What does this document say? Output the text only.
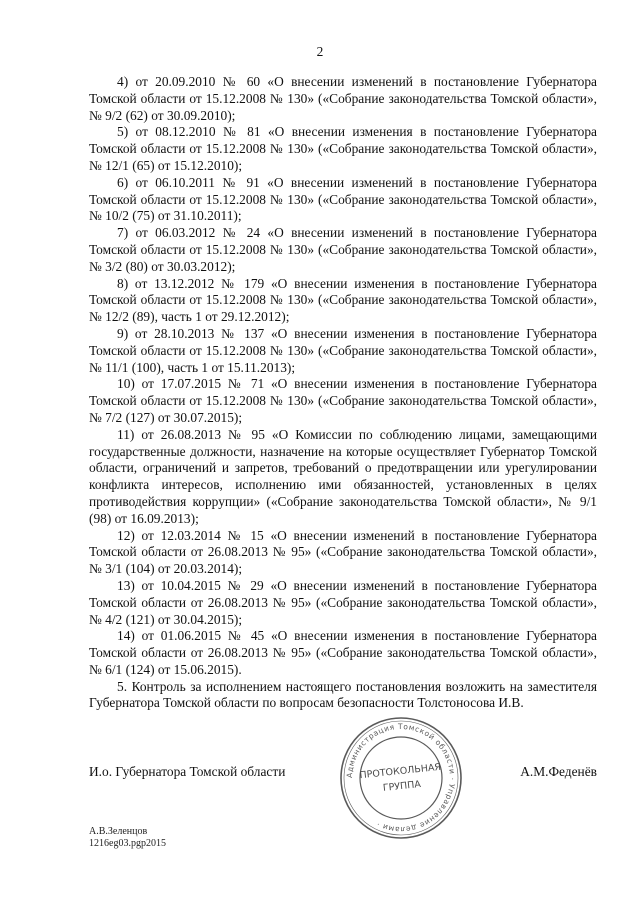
2

4) от 20.09.2010 № 60 «О внесении изменений в постановление Губернатора Томской области от 15.12.2008 № 130» («Собрание законодательства Томской области», № 9/2 (62) от 30.09.2010);

5) от 08.12.2010 № 81 «О внесении изменения в постановление Губернатора Томской области от 15.12.2008 № 130» («Собрание законодательства Томской области», № 12/1 (65) от 15.12.2010);

6) от 06.10.2011 № 91 «О внесении изменений в постановление Губернатора Томской области от 15.12.2008 № 130» («Собрание законодательства Томской области», № 10/2 (75) от 31.10.2011);

7) от 06.03.2012 № 24 «О внесении изменений в постановление Губернатора Томской области от 15.12.2008 № 130» («Собрание законодательства Томской области», № 3/2 (80) от 30.03.2012);

8) от 13.12.2012 № 179 «О внесении изменения в постановление Губернатора Томской области от 15.12.2008 № 130» («Собрание законодательства Томской области», № 12/2 (89), часть 1 от 29.12.2012);

9) от 28.10.2013 № 137 «О внесении изменения в постановление Губернатора Томской области от 15.12.2008 № 130» («Собрание законодательства Томской области», № 11/1 (100), часть 1 от 15.11.2013);

10) от 17.07.2015 № 71 «О внесении изменения в постановление Губернатора Томской области от 15.12.2008 № 130» («Собрание законодательства Томской области», № 7/2 (127) от 30.07.2015);

11) от 26.08.2013 № 95 «О Комиссии по соблюдению лицами, замещающими государственные должности, назначение на которые осуществляет Губернатор Томской области, ограничений и запретов, требований о предотвращении или урегулировании конфликта интересов, исполнению ими обязанностей, установленных в целях противодействия коррупции» («Собрание законодательства Томской области», № 9/1 (98) от 16.09.2013);

12) от 12.03.2014 № 15 «О внесении изменений в постановление Губернатора Томской области от 26.08.2013 № 95» («Собрание законодательства Томской области», № 3/1 (104) от 20.03.2014);

13) от 10.04.2015 № 29 «О внесении изменений в постановление Губернатора Томской области от 26.08.2013 № 95» («Собрание законодательства Томской области», № 4/2 (121) от 30.04.2015);

14) от 01.06.2015 № 45 «О внесении изменения в постановление Губернатора Томской области от 26.08.2013 № 95» («Собрание законодательства Томской области», № 6/1 (124) от 15.06.2015).

5. Контроль за исполнением настоящего постановления возложить на заместителя Губернатора Томской области по вопросам безопасности Толстоносова И.В.

И.о. Губернатора Томской области	А.М.Феденёв
Администрация Томской области · Управление делами ·
ПРОТОКОЛЬНАЯ
ГРУППА
А.В.Зеленцов
1216eg03.pgp2015
